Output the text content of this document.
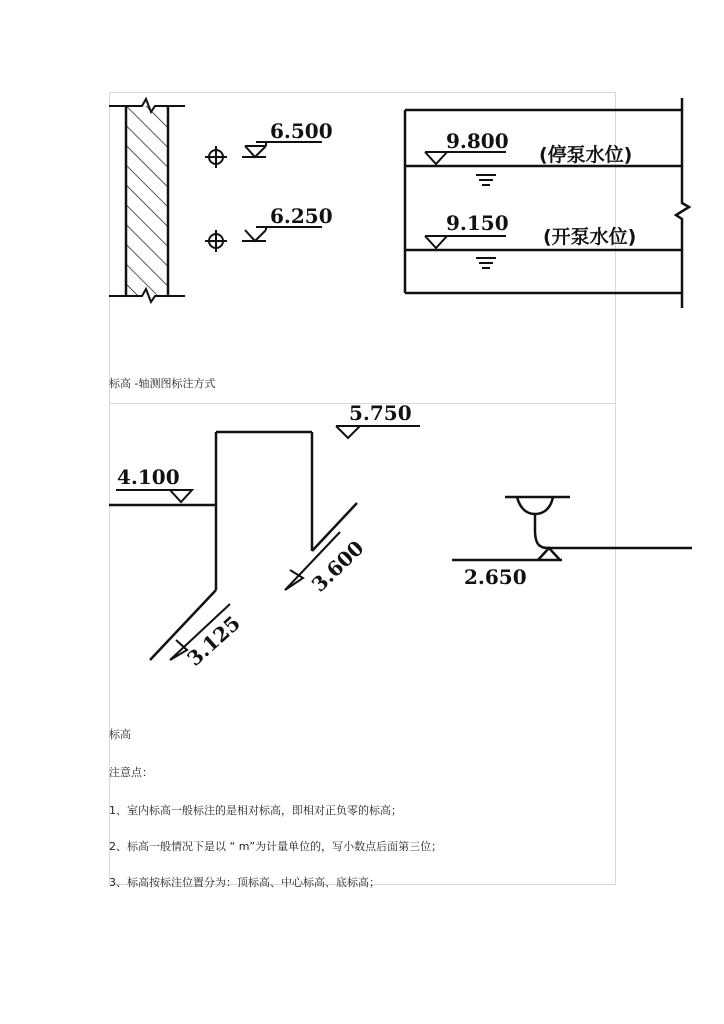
6.500
6.250
9.800
(停泵水位)
9.150
(开泵水位)
5.750
4.100
3.600
3.125
2.650
标高 -轴测图标注方式
标高
注意点：
1、室内标高一般标注的是相对标高，即相对正负零的标高；
2、标高一般情况下是以 “ m”为计量单位的，写小数点后面第三位；
3、标高按标注位置分为：顶标高、中心标高、底标高；
